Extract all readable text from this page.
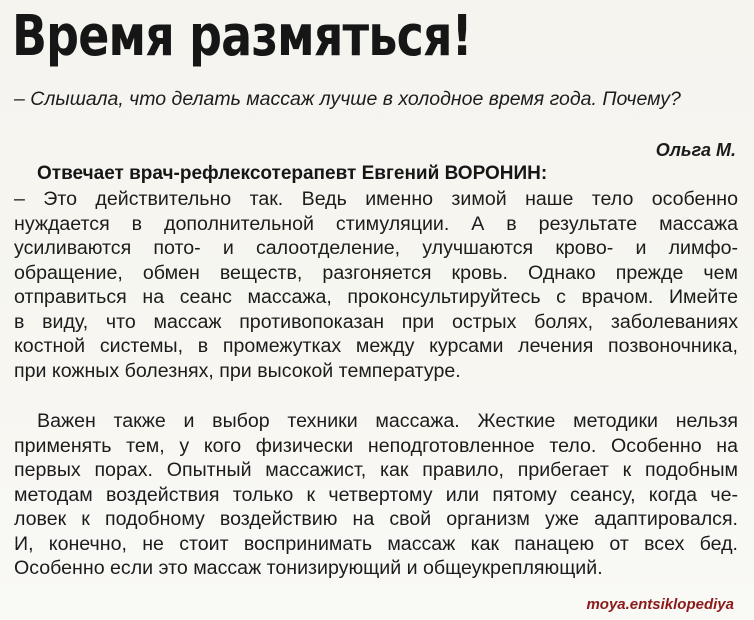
Время размяться!
– Слышала, что делать массаж лучше в холодное время года. Почему?
Ольга М.
Отвечает врач-рефлексотерапевт Евгений ВОРОНИН:
– Это действительно так. Ведь именно зимой наше тело особенно
нуждается в дополнительной стимуляции. А в результате массажа
усиливаются пото- и салоотделение, улучшаются крово- и лимфо-
обращение, обмен веществ, разгоняется кровь. Однако прежде чем
отправиться на сеанс массажа, проконсультируйтесь с врачом. Имейте
в виду, что массаж противопоказан при острых болях, заболеваниях
костной системы, в промежутках между курсами лечения позвоночника,
при кожных болезнях, при высокой температуре.
Важен также и выбор техники массажа. Жесткие методики нельзя
применять тем, у кого физически неподготовленное тело. Особенно на
первых порах. Опытный массажист, как правило, прибегает к подобным
методам воздействия только к четвертому или пятому сеансу, когда че-
ловек к подобному воздействию на свой организм уже адаптировался.
И, конечно, не стоит воспринимать массаж как панацею от всех бед.
Особенно если это массаж тонизирующий и общеукрепляющий.
moya.entsiklopediya
